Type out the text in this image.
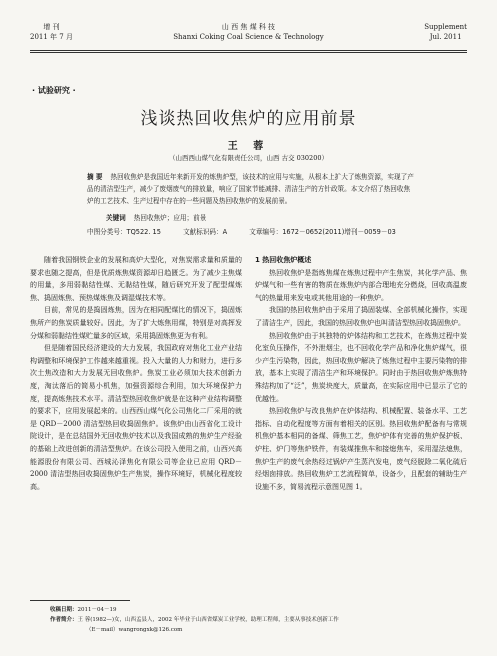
增 刊
2011 年 7 月
山 西 焦 煤 科 技
Shanxi Coking Coal Science & Technology
Supplement
Jul. 2011
· 试验研究 ·
浅谈热回收焦炉的应用前景
王 蓉
（山西西山煤气化有限责任公司，山西 古交 030200）
摘 要 热回收焦炉是我国近年来新开发的炼焦炉型，该技术的应用与实施，从根本上扩大了炼焦资源，实现了产品的清洁型生产，减少了废烟废气的排放量，响应了国家节能减排、清洁生产的方针政策。本文介绍了热回收焦炉的工艺技术、生产过程中存在的一些问题及热回收焦炉的发展前景。
关键词 热回收焦炉；应用；前景
中图分类号：TQ522. 15	文献标识码：A	文章编号：1672－0652(2011)增刊－0059－03

随着我国钢铁企业的发展和高炉大型化，对焦炭需求量和质量的要求也随之提高，但是优质炼焦煤资源却日趋匮乏。为了减少主焦煤的用量，多用弱黏结性煤、无黏结性煤，随后研究开发了配型煤炼焦、捣固炼焦、预热煤炼焦及调湿煤技术等。

目前，常见的是捣固炼焦，因为在相同配煤比的情况下，捣固炼焦所产的焦炭质量较好。因此，为了扩大炼焦用煤，特别是对高挥发分煤和弱黏结性煤贮量多的区域，采用捣固炼焦更为有利。

但是随着国民经济建设的大力发展，我国政府对焦化工业产业结构调整和环境保护工作越来越重视。投入大量的人力和财力，进行多次土焦改造和大力发展无回收焦炉。焦炭工业必须加大技术创新力度，淘汰落后的简易小机焦，加强资源综合利用，加大环境保护力度，提高炼焦技术水平。清洁型热回收焦炉就是在这种产业结构调整的要求下，应用发展起来的。山西西山煤气化公司焦化二厂采用的就是 QRD－2000 清洁型热回收捣固焦炉。该焦炉由山西省化工设计院设计，是在总结国外无回收焦炉技术以及我国成熟的焦炉生产经验的基础上改进创新的清洁型焦炉。在该公司投入使用之前，山西兴高能源股份有限公司、西城沁泽焦化有限公司等企业已应用 QRD－2000 清洁型热回收捣固焦炉生产焦炭，操作环境好，机械化程度较高。

1 热回收焦炉概述

热回收焦炉是指炼焦煤在炼焦过程中产生焦炭，其化学产品、焦炉煤气和一些有害的物质在炼焦炉内部合理地充分燃烧，回收高温废气的热量用来发电或其他用途的一种焦炉。

我国的热回收焦炉由于采用了捣固装煤、全部机械化操作，实现了清洁生产，因此，我国的热回收焦炉也叫清洁型热回收捣固焦炉。

热回收焦炉由于其独特的炉体结构和工艺技术，在炼焦过程中炭化室负压操作，不外泄烟尘，也不回收化学产品和净化焦炉煤气，很少产生污染物，因此，热回收焦炉解决了炼焦过程中主要污染物的排放，基本上实现了清洁生产和环境保护。同时由于热回收焦炉炼焦特殊结构加了“泛”，焦炭块度大，质量高，在实际应用中已显示了它的优越性。

热回收焦炉与改良焦炉在炉体结构、机械配置、装备水平、工艺指标、自动化程度等方面有着相关的区别。热回收焦炉配备有与常规机焦炉基本相同的备煤、筛焦工艺，焦炉炉体有完善的焦炉保护板、炉柱、炉门等焦炉铁件，有装煤推焦车和接熄焦车，采用湿法熄焦，焦炉生产的废气余热经过锅炉产生蒸汽发电，废气经脱除二氧化硫后经烟囱排放。热回收焦炉工艺流程简单，设备少，且配套的辅助生产设施不多，简易流程示意图见图 1。

收稿日期：2011－04－19
作者简介：王 蓉(1982—)女，山西孟县人，2002 年毕业于山西省煤炭工业学校，助理工程师，主要从事技术创新工作
（E－mail）wangrongxk@126.com
